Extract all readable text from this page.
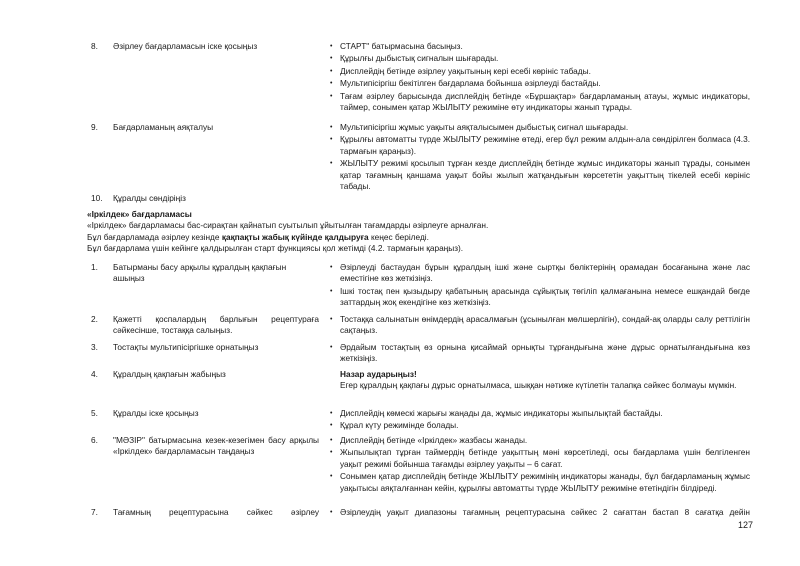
8.	Әзірлеу бағдарламасын іске қосыңыз	• СТАРТ" батырмасына басыңыз.
• Құрылғы дыбыстық сигналын шығарады.
• Дисплейдің бетінде әзірлеу уақытының кері есебі көрініс табады.
• Мультипісіргіш бекітілген бағдарлама бойынша әзірлеуді бастайды.
• Тағам әзірлеу барысында дисплейдің бетінде «Бұршақтар» бағдарламаның атауы, жұмыс индикаторы, таймер, сонымен қатар ЖЫЛЫТУ режиміне өту индикаторы жанып тұрады.
9.	Бағдарламаның аяқталуы	• Мультипісіргіш жұмыс уақыты аяқталысымен дыбыстық сигнал шығарады.
• Құрылғы автоматты түрде ЖЫЛЫТУ режиміне өтеді, егер бұл режим алдын-ала сөндірілген болмаса (4.3. тармағын қараңыз).
• ЖЫЛЫТУ режимі қосылып тұрған кезде дисплейдің бетінде жұмыс индикаторы жанып тұрады, сонымен қатар тағамның қаншама уақыт бойы жылып жатқандығын көрсететін уақыттың тікелей есебі көрініс табады.
10.	Құралды сөндіріңіз
«Іркілдек» бағдарламасы
«Іркілдек» бағдарламасы бас-сирақтан қайнатып суытылып ұйытылған тағамдарды әзірлеуге арналған.
Бұл бағдарламада әзірлеу кезінде қақпақты жабық күйінде қалдыруға кеңес беріледі.
Бұл бағдарлама үшін кейінге қалдырылған старт функциясы қол жетімді (4.2. тармағын қараңыз).
1.	Батырманы басу арқылы құралдың қақпағын ашыңыз
• Әзірлеуді бастаудан бұрын құралдың ішкі және сыртқы бөліктерінің орамадан босағанына және лас еместігіне көз жеткізіңіз.
• Ішкі тостақ пен қызыдыру қабатының арасында сұйықтық төгіліп қалмағанына немесе ешқандай бөгде заттардың жоқ екендігіне көз жеткізіңіз.
2.	Қажетті қоспалардың барлығын рецептураға сәйкесінше, тостаққа салыңыз.
• Тостаққа салынатын өнімдердің арасалмағын (ұсынылған мөлшерлігін), сондай-ақ оларды салу реттілігін сақтаңыз.
3.	Тостақты мультипісіргішке орнатыңыз	• Әрдайым тостақтың өз орнына қисаймай орнықты тұрғандығына және дұрыс орнатылғандығына көз жеткізіңіз.
4.	Құралдың қақпағын жабыңыз	Назар аударыңыз!
Егер құралдың қақпағы дұрыс орнатылмаса, шыққан нәтиже күтілетін талапқа сәйкес болмауы мүмкін.
5.	Құралды іске қосыңыз	• Дисплейдің көмескі жарығы жаңады да, жұмыс индикаторы жыпылықтай бастайды.
• Құрал күту режимінде болады.
6.	"МӘЗІР" батырмасына кезек-кезегімен басу арқылы «Іркілдек» бағдарламасын таңдаңыз
• Дисплейдің бетінде «Іркілдек» жазбасы жанады.
• Жыпылықтап тұрған таймердің бетінде уақыттың мәні көрсетіледі, осы бағдарлама үшін белгіленген уақыт режимі бойынша тағамды әзірлеу уақыты – 6 сағат.
• Сонымен қатар дисплейдің бетінде ЖЫЛЫТУ режимінің индикаторы жанады, бұл бағдарламаның жұмыс уақытысы аяқталғаннан кейін, құрылғы автоматты түрде ЖЫЛЫТУ режиміне өтетіндігін білдіреді.
7.	Тағамның рецептурасына сәйкес әзірлеу	• Әзірлеудің уақыт диапазоны тағамның рецептурасына сәйкес 2 сағаттан бастап 8 сағатқа дейін
127
